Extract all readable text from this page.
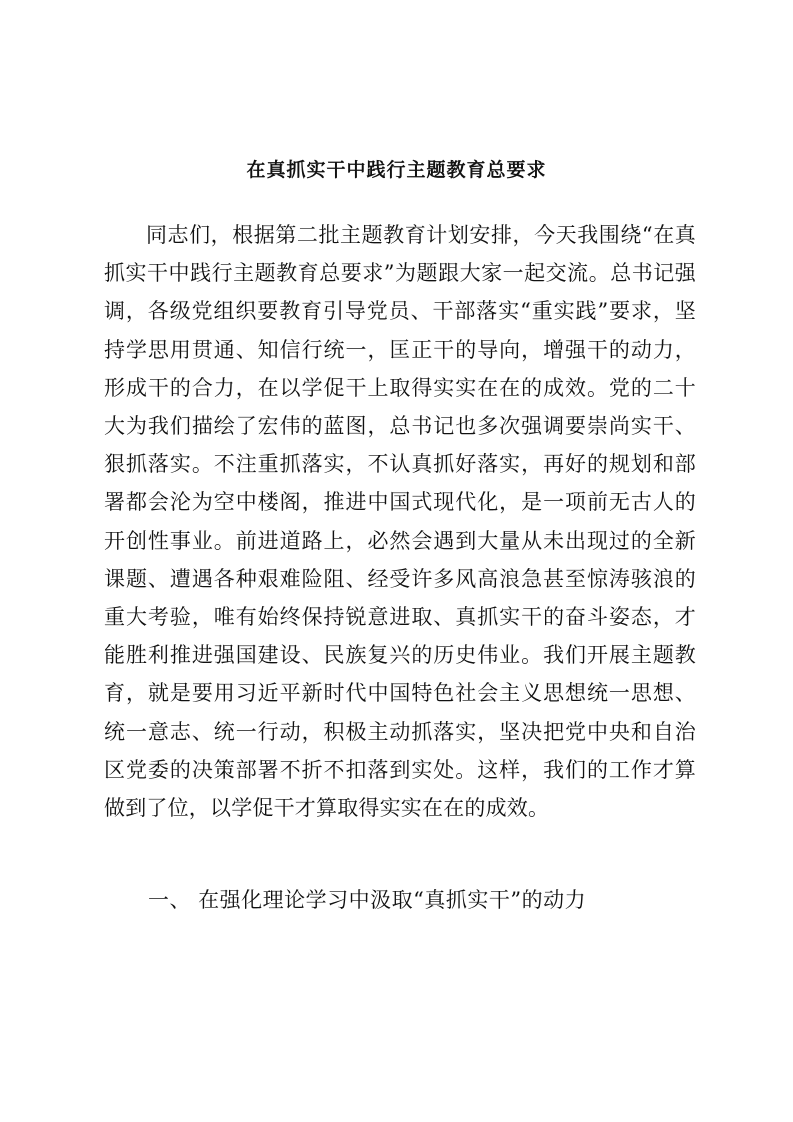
在真抓实干中践行主题教育总要求

同志们，根据第二批主题教育计划安排，今天我围绕“在真抓实干中践行主题教育总要求”为题跟大家一起交流。总书记强调，各级党组织要教育引导党员、干部落实“重实践”要求，坚持学思用贯通、知信行统一，匡正干的导向，增强干的动力，形成干的合力，在以学促干上取得实实在在的成效。党的二十大为我们描绘了宏伟的蓝图，总书记也多次强调要崇尚实干、狠抓落实。不注重抓落实，不认真抓好落实，再好的规划和部署都会沦为空中楼阁，推进中国式现代化，是一项前无古人的开创性事业。前进道路上，必然会遇到大量从未出现过的全新课题、遭遇各种艰难险阻、经受许多风高浪急甚至惊涛骇浪的重大考验，唯有始终保持锐意进取、真抓实干的奋斗姿态，才能胜利推进强国建设、民族复兴的历史伟业。我们开展主题教育，就是要用习近平新时代中国特色社会主义思想统一思想、统一意志、统一行动，积极主动抓落实，坚决把党中央和自治区党委的决策部署不折不扣落到实处。这样，我们的工作才算做到了位，以学促干才算取得实实在在的成效。

一、 在强化理论学习中汲取“真抓实干”的动力
